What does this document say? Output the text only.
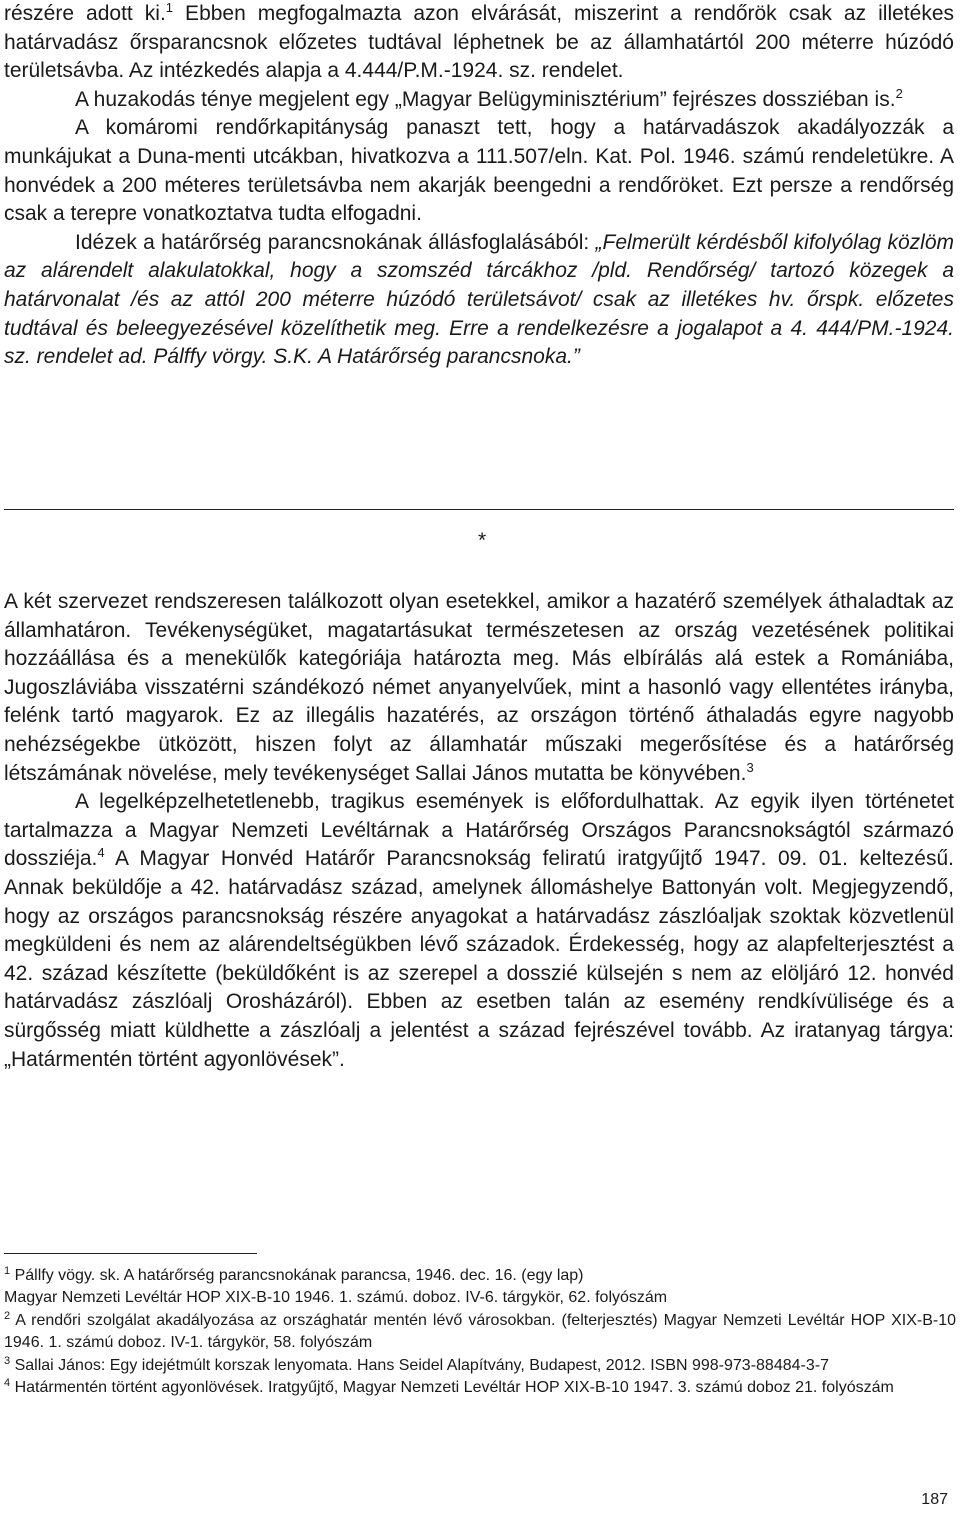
részére adott ki.$^1$ Ebben megfogalmazta azon elvárását, miszerint a rendőrök csak az illetékes határvadász őrsparancsnok előzetes tudtával léphetnek be az államhatártól 200 méterre húzódó területsávba. Az intézkedés alapja a 4.444/P.M.-1924. sz. rendelet.

A huzakodás ténye megjelent egy „Magyar Belügyminisztérium” fejrészes dossziéban is.$^2$

A komáromi rendőrkapitányság panaszt tett, hogy a határvadászok akadályozzák a munkájukat a Duna-menti utcákban, hivatkozva a 111.507/eln. Kat. Pol. 1946. számú rendeletükre. A honvédek a 200 méteres területsávba nem akarják beengedni a rendőröket. Ezt persze a rendőrség csak a terepre vonatkoztatva tudta elfogadni.

Idézek a határőrség parancsnokának állásfoglalásából: „Felmerült kérdésből kifolyólag közlöm az alárendelt alakulatokkal, hogy a szomszéd tárcákhoz /pld. Rendőrség/ tartozó közegek a határvonalat /és az attól 200 méterre húzódó területsávot/ csak az illetékes hv. őrspk. előzetes tudtával és beleegyezésével közelíthetik meg. Erre a rendelkezésre a jogalapot a 4. 444/PM.-1924. sz. rendelet ad. Pálffy vörgy. S.K. A Határőrség parancsnoka.”

*

A két szervezet rendszeresen találkozott olyan esetekkel, amikor a hazatérő személyek áthaladtak az államhatáron. Tevékenységüket, magatartásukat természetesen az ország vezetésének politikai hozzáállása és a menekülők kategóriája határozta meg. Más elbírálás alá estek a Romániába, Jugoszláviába visszatérni szándékozó német anyanyelvűek, mint a hasonló vagy ellentétes irányba, felénk tartó magyarok. Ez az illegális hazatérés, az országon történő áthaladás egyre nagyobb nehézségekbe ütközött, hiszen folyt az államhatár műszaki megerősítése és a határőrség létszámának növelése, mely tevékenységet Sallai János mutatta be könyvében.$^3$

A legelképzelhetetlenebb, tragikus események is előfordulhattak. Az egyik ilyen történetet tartalmazza a Magyar Nemzeti Levéltárnak a Határőrség Országos Parancsnokságtól származó dossziéja.$^4$ A Magyar Honvéd Határőr Parancsnokság feliratú iratgyűjtő 1947. 09. 01. keltezésű. Annak beküldője a 42. határvadász század, amelynek állomáshelye Battonyán volt. Megjegyzendő, hogy az országos parancsnokság részére anyagokat a határvadász zászlóaljak szoktak közvetlenül megküldeni és nem az alárendeltségükben lévő századok. Érdekesség, hogy az alapfelterjesztést a 42. század készítette (beküldőként is az szerepel a dosszié külsején s nem az elöljáró 12. honvéd határvadász zászlóalj Orosházáról). Ebben az esetben talán az esemény rendkívülisége és a sürgősség miatt küldhette a zászlóalj a jelentést a század fejrészével tovább. Az iratanyag tárgya: „Határmentén történt agyonlövések”.

$^1$ Pállfy vögy. sk. A határőrség parancsnokának parancsa, 1946. dec. 16. (egy lap)
Magyar Nemzeti Levéltár HOP XIX-B-10 1946. 1. számú. doboz. IV-6. tárgykör, 62. folyószám

$^2$ A rendőri szolgálat akadályozása az országhatár mentén lévő városokban. (felterjesztés) Magyar Nemzeti Levéltár HOP XIX-B-10 1946. 1. számú doboz. IV-1. tárgykör, 58. folyószám

$^3$ Sallai János: Egy idejétmúlt korszak lenyomata. Hans Seidel Alapítvány, Budapest, 2012. ISBN 998-973-88484-3-7

$^4$ Határmentén történt agyonlövések. Iratgyűjtő, Magyar Nemzeti Levéltár HOP XIX-B-10 1947. 3. számú doboz 21. folyószám

187
